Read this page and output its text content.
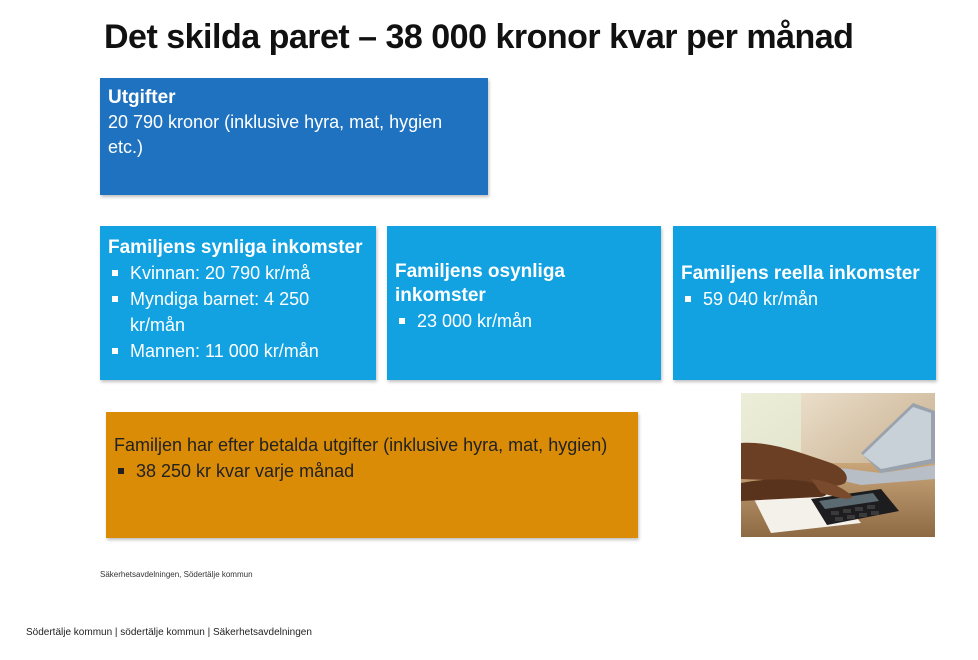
Det skilda paret – 38 000 kronor kvar per månad
Utgifter

20 790 kronor (inklusive hyra, mat, hygien etc.)

Familjens synliga inkomster
Kvinnan: 20 790 kr/må
Myndiga barnet: 4 250 kr/mån
Mannen: 11 000 kr/mån
Familjens osynliga inkomster
23 000 kr/mån
Familjens reella inkomster
59 040 kr/mån

Familjen har efter betalda utgifter (inklusive hyra, mat, hygien)

38 250 kr kvar varje månad
Säkerhetsavdelningen, Södertälje kommun
Södertälje kommun | södertälje kommun | Säkerhetsavdelningen
